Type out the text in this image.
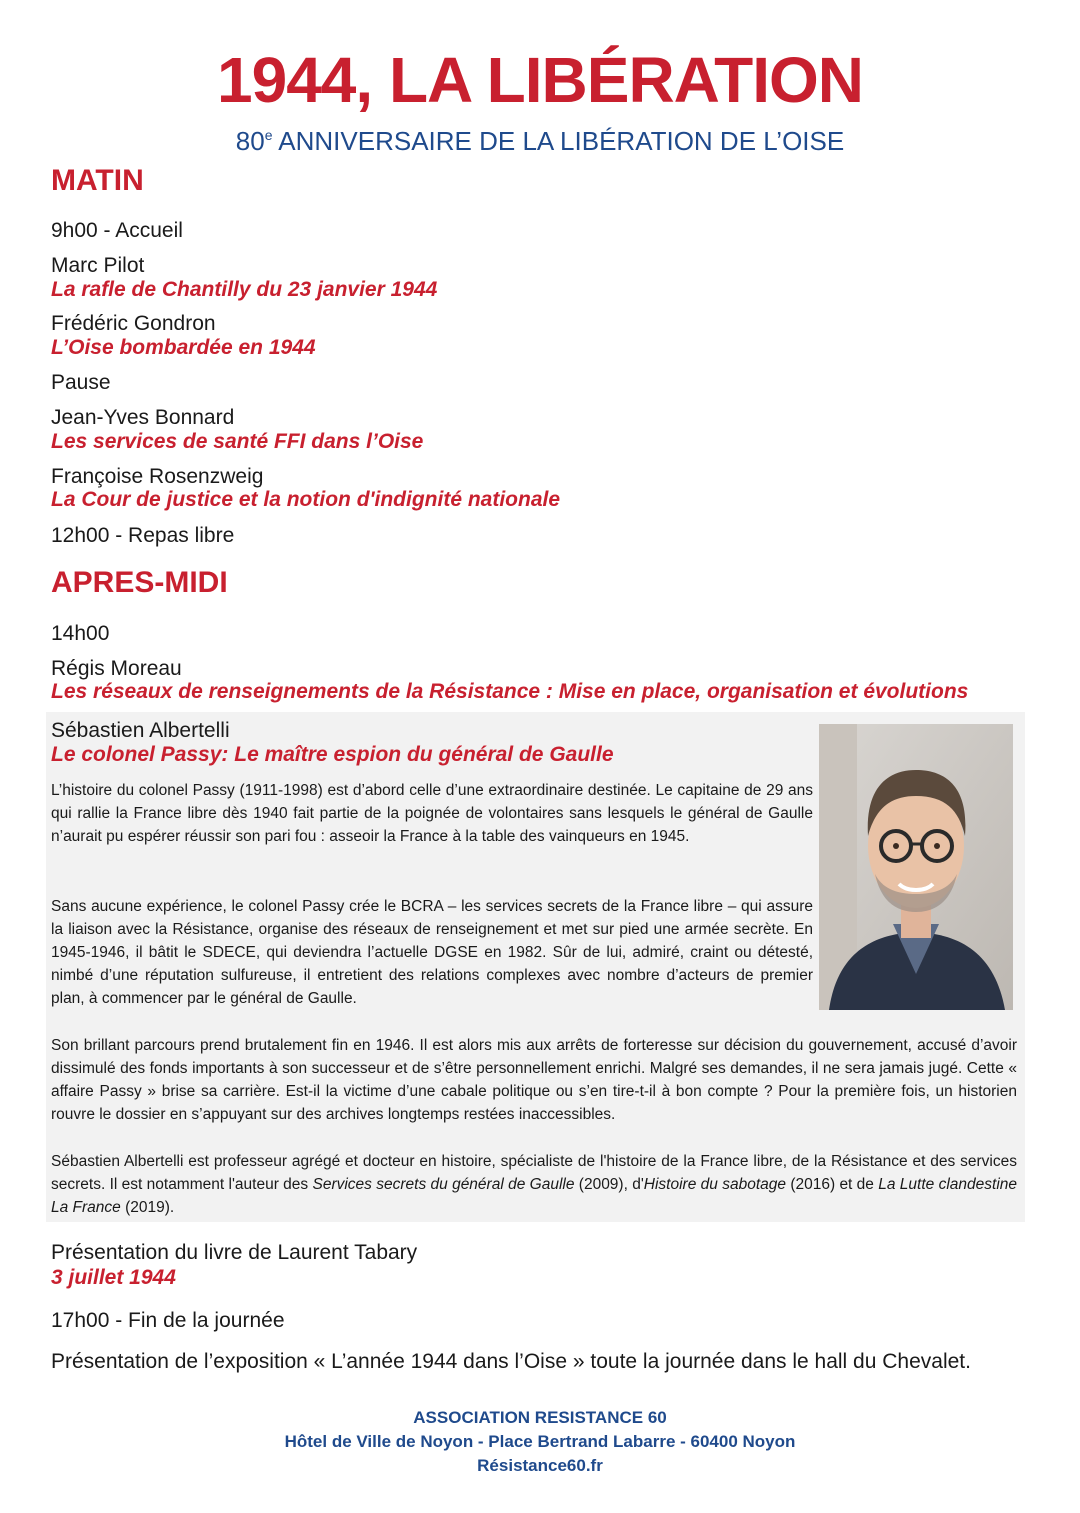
1944, LA LIBÉRATION
80e ANNIVERSAIRE DE LA LIBÉRATION DE L’OISE
MATIN
9h00 - Accueil
Marc Pilot
La rafle de Chantilly du 23 janvier 1944
Frédéric Gondron
L’Oise bombardée en 1944
Pause
Jean-Yves Bonnard
Les services de santé FFI dans l’Oise
Françoise Rosenzweig
La Cour de justice et la notion d'indignité nationale
12h00 - Repas libre
APRES-MIDI
14h00
Régis Moreau
Les réseaux de renseignements de la Résistance : Mise en place, organisation et évolutions
Sébastien Albertelli
Le colonel Passy: Le maître espion du général de Gaulle

L’histoire du colonel Passy (1911-1998) est d’abord celle d’une extraordinaire destinée. Le capitaine de 29 ans qui rallie la France libre dès 1940 fait partie de la poignée de volontaires sans lesquels le général de Gaulle n’aurait pu espérer réussir son pari fou : asseoir la France à la table des vainqueurs en 1945.

Sans aucune expérience, le colonel Passy crée le BCRA – les services secrets de la France libre – qui assure la liaison avec la Résistance, organise des réseaux de renseignement et met sur pied une armée secrète. En 1945-1946, il bâtit le SDECE, qui deviendra l’actuelle DGSE en 1982. Sûr de lui, admiré, craint ou détesté, nimbé d’une réputation sulfureuse, il entretient des relations complexes avec nombre d’acteurs de premier plan, à commencer par le général de Gaulle.

Son brillant parcours prend brutalement fin en 1946. Il est alors mis aux arrêts de forteresse sur décision du gouvernement, accusé d’avoir dissimulé des fonds importants à son successeur et de s’être personnellement enrichi. Malgré ses demandes, il ne sera jamais jugé. Cette « affaire Passy » brise sa carrière. Est-il la victime d’une cabale politique ou s’en tire-t-il à bon compte ? Pour la première fois, un historien rouvre le dossier en s’appuyant sur des archives longtemps restées inaccessibles.

Sébastien Albertelli est professeur agrégé et docteur en histoire, spécialiste de l'histoire de la France libre, de la Résistance et des services secrets. Il est notamment l'auteur des Services secrets du général de Gaulle (2009), d'Histoire du sabotage (2016) et de La Lutte clandestine La France (2019).

Présentation du livre de Laurent Tabary
3 juillet 1944
17h00 - Fin de la journée
Présentation de l’exposition « L’année 1944 dans l’Oise » toute la journée dans le hall du Chevalet.
ASSOCIATION RESISTANCE 60
Hôtel de Ville de Noyon - Place Bertrand Labarre - 60400 Noyon
Résistance60.fr
